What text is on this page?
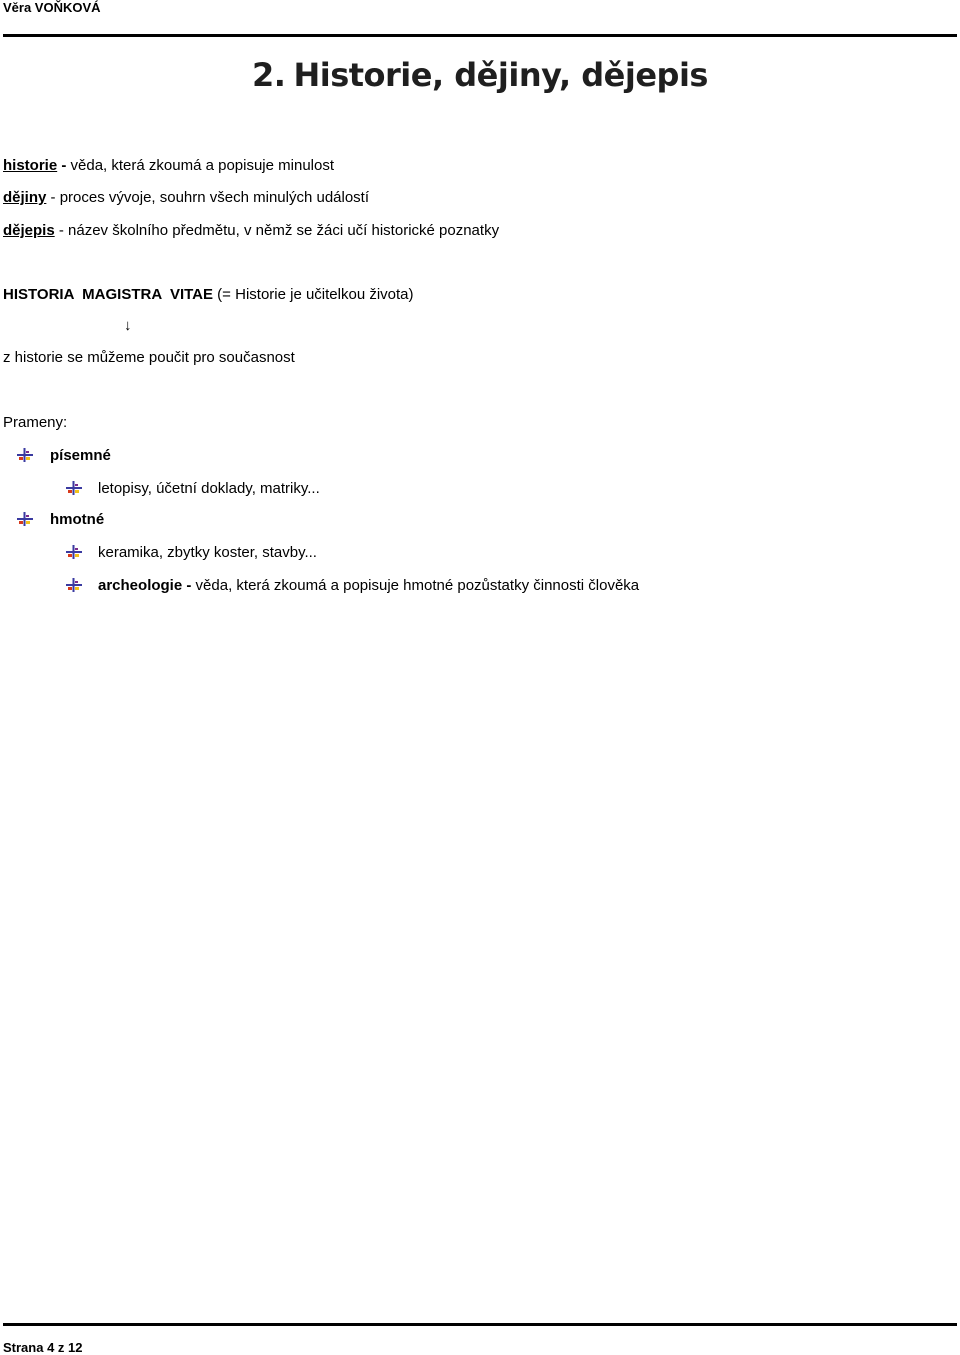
Věra VOŇKOVÁ
2. Historie, dějiny, dějepis
historie - věda, která zkoumá a popisuje minulost
dějiny - proces vývoje, souhrn všech minulých událostí
dějepis - název školního předmětu, v němž se žáci učí historické poznatky
HISTORIA  MAGISTRA  VITAE (= Historie je učitelkou života)
↓
z historie se můžeme poučit pro současnost
Prameny:
písemné
letopisy, účetní doklady, matriky...
hmotné
keramika, zbytky koster, stavby...
archeologie - věda, která zkoumá a popisuje hmotné pozůstatky činnosti člověka
Strana 4 z 12
